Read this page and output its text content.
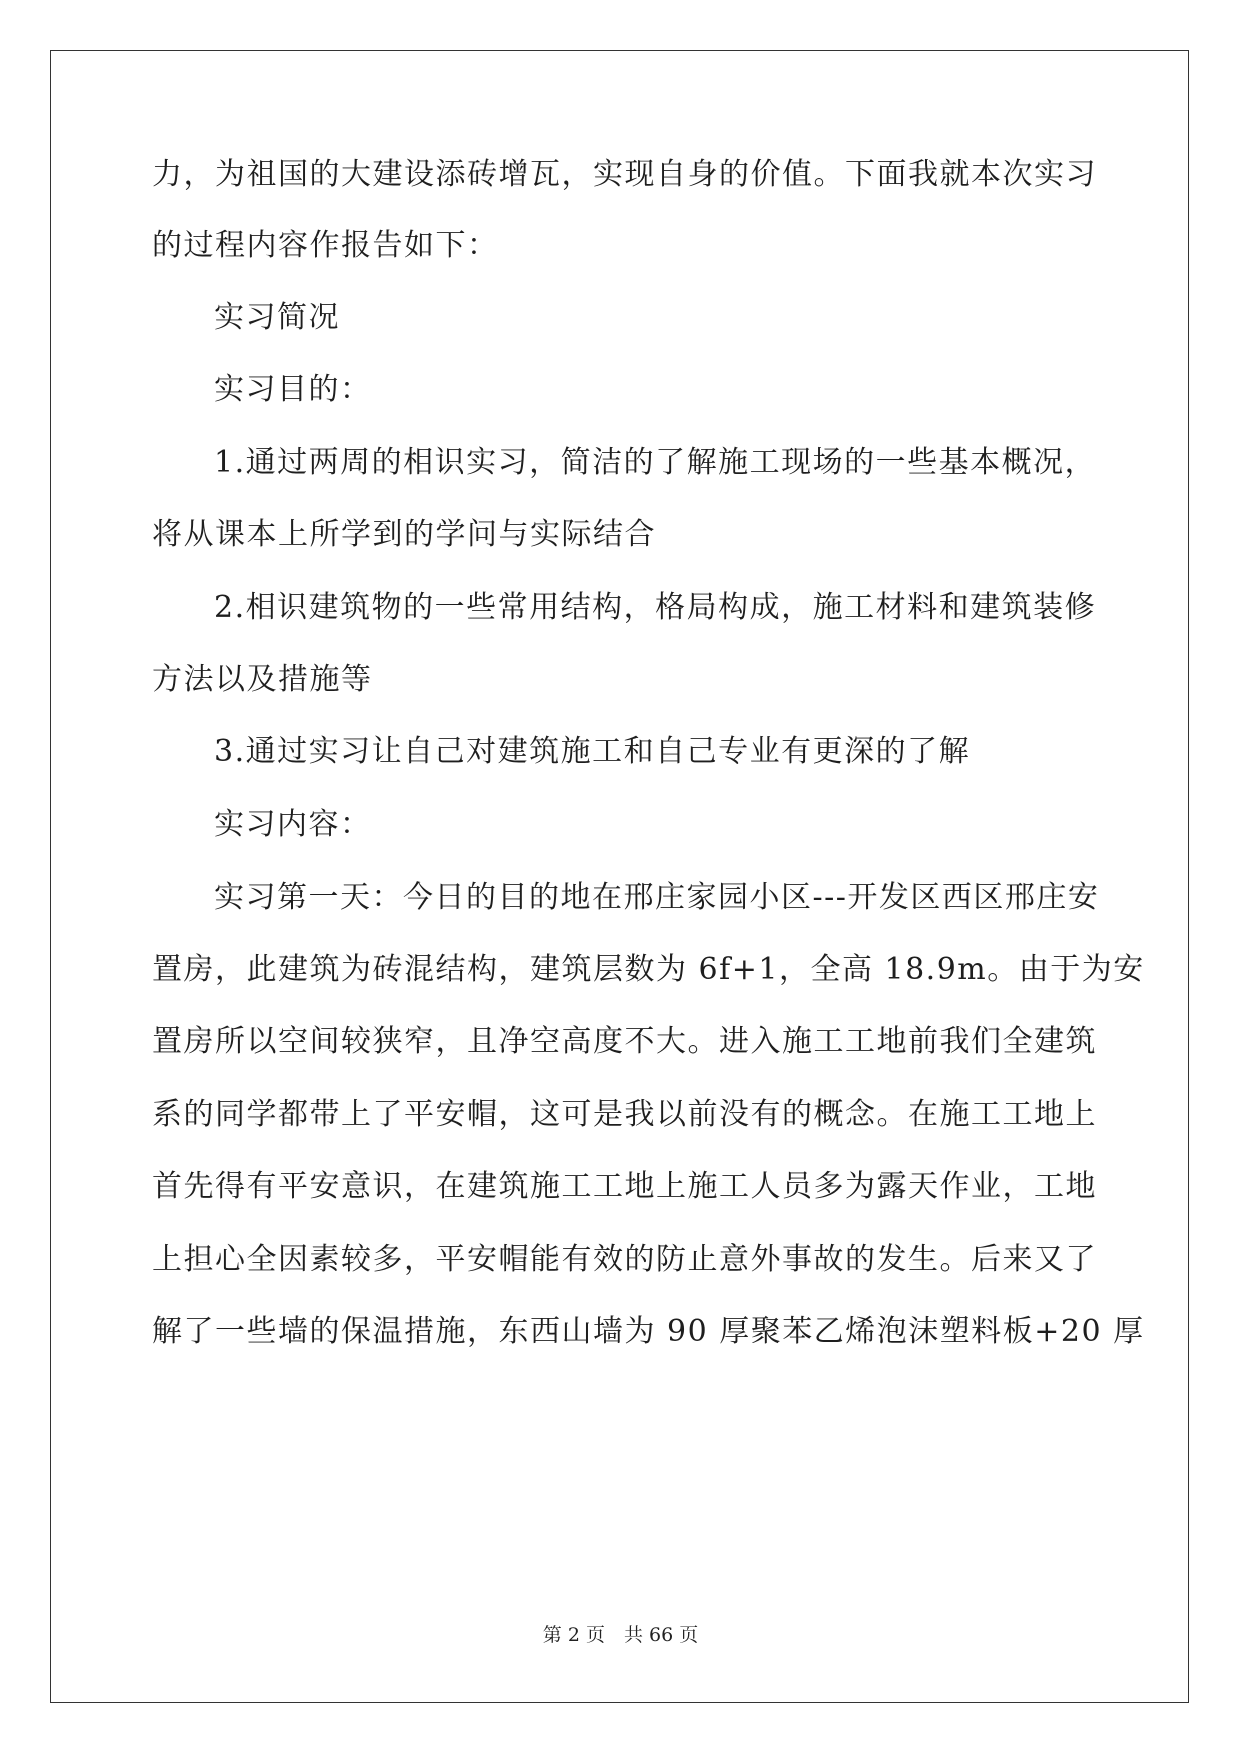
力，为祖国的大建设添砖增瓦，实现自身的价值。下面我就本次实习
的过程内容作报告如下：
实习简况
实习目的：
1.通过两周的相识实习，简洁的了解施工现场的一些基本概况，
将从课本上所学到的学问与实际结合
2.相识建筑物的一些常用结构，格局构成，施工材料和建筑装修
方法以及措施等
3.通过实习让自己对建筑施工和自己专业有更深的了解
实习内容：
实习第一天：今日的目的地在邢庄家园小区---开发区西区邢庄安
置房，此建筑为砖混结构，建筑层数为 6f+1，全高 18.9m。由于为安
置房所以空间较狭窄，且净空高度不大。进入施工工地前我们全建筑
系的同学都带上了平安帽，这可是我以前没有的概念。在施工工地上
首先得有平安意识，在建筑施工工地上施工人员多为露天作业，工地
上担心全因素较多，平安帽能有效的防止意外事故的发生。后来又了
解了一些墙的保温措施，东西山墙为 90 厚聚苯乙烯泡沫塑料板+20 厚
第 2 页　共 66 页
